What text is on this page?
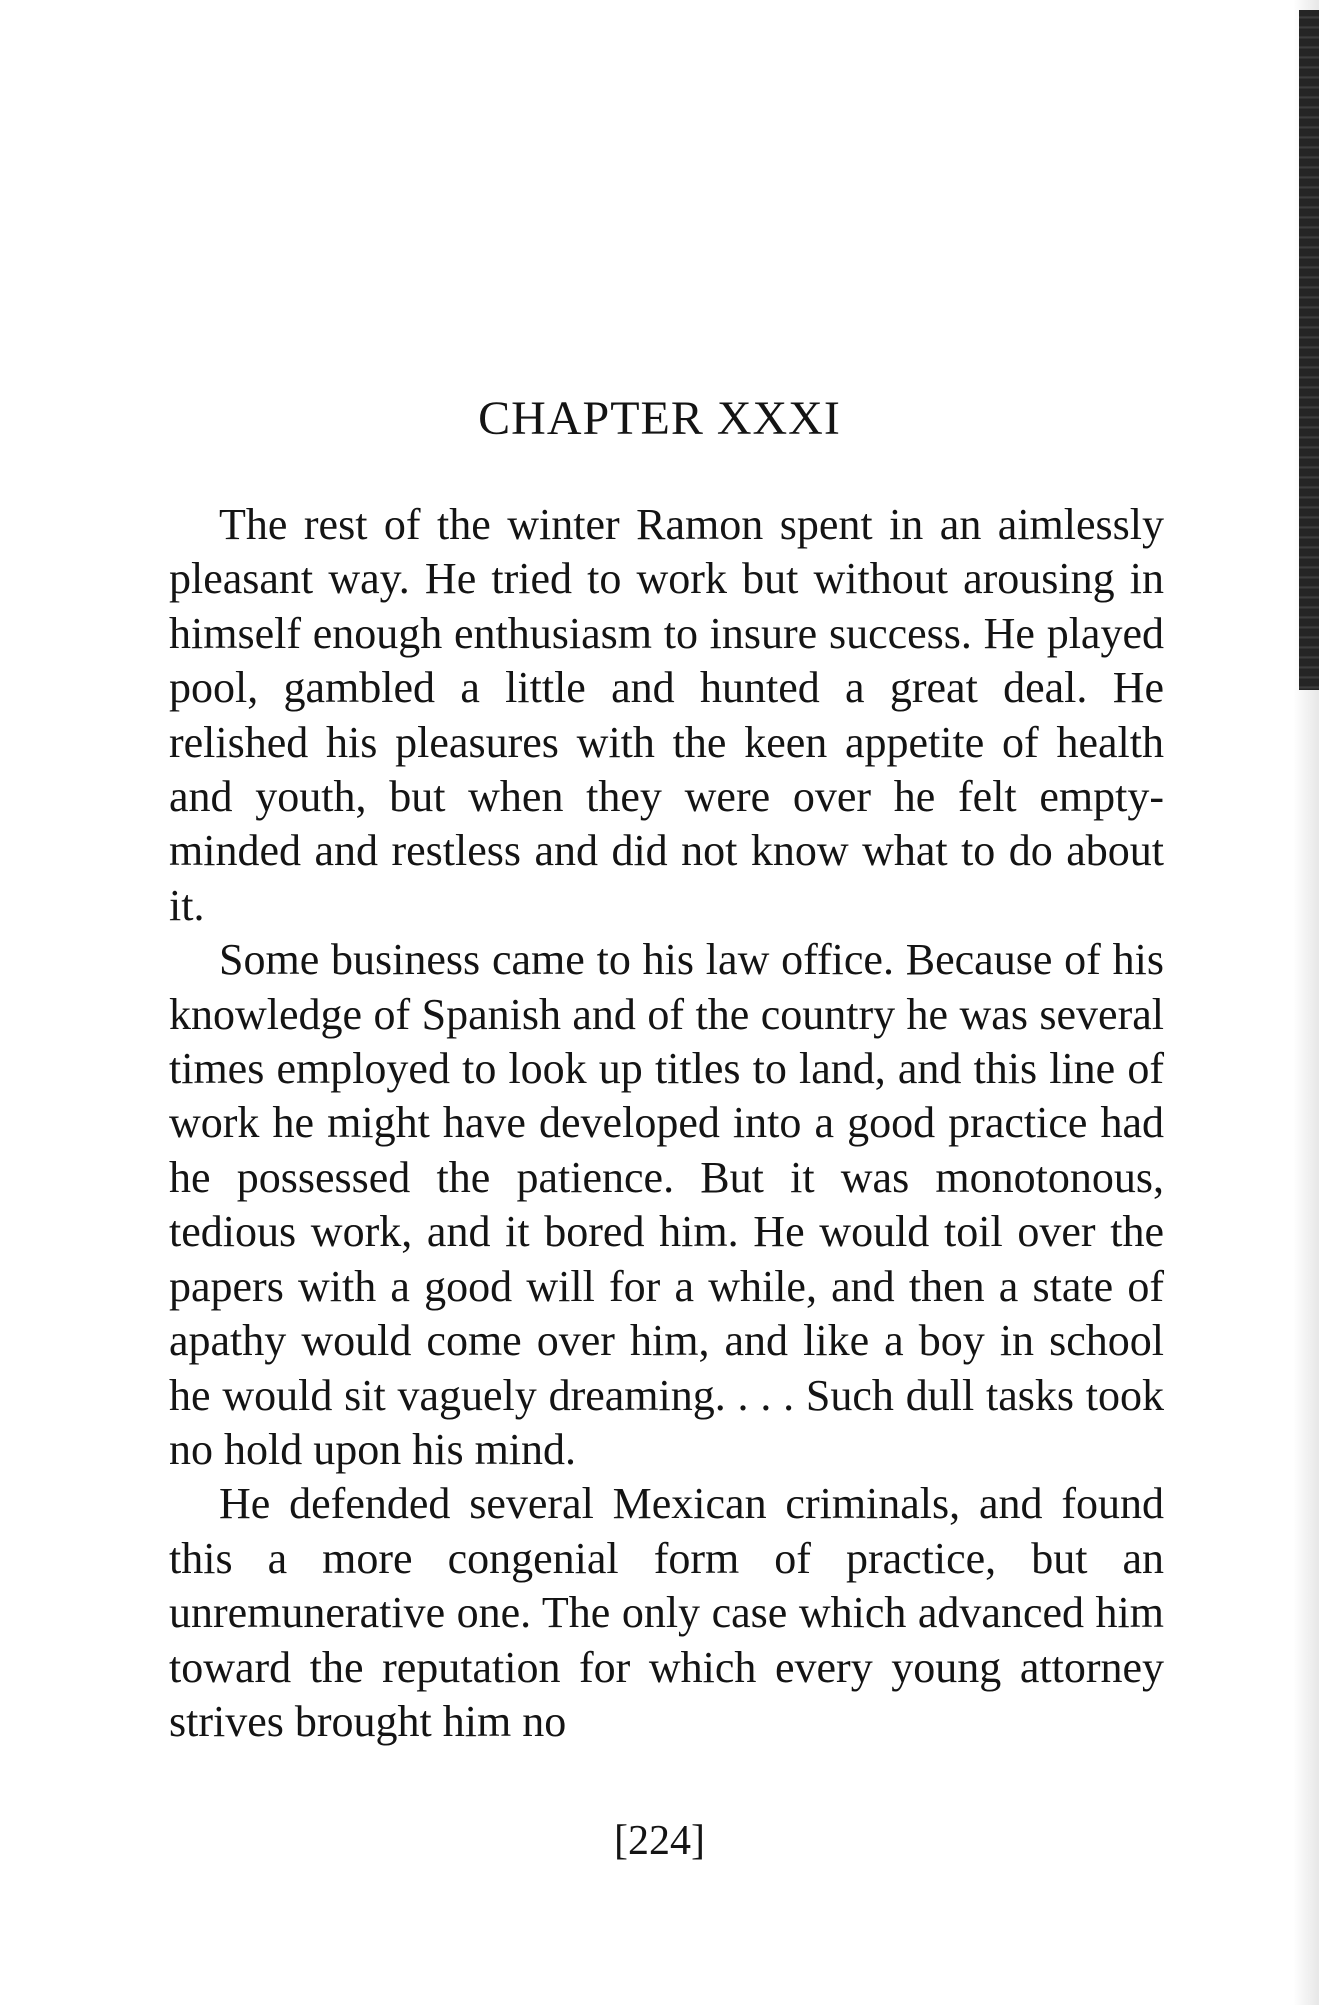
CHAPTER XXXI

The rest of the winter Ramon spent in an aimlessly pleasant way. He tried to work but without arousing in himself enough enthusiasm to insure success. He played pool, gambled a little and hunted a great deal. He relished his pleasures with the keen appetite of health and youth, but when they were over he felt empty-minded and restless and did not know what to do about it.

Some business came to his law office. Because of his knowledge of Spanish and of the country he was several times employed to look up titles to land, and this line of work he might have developed into a good practice had he possessed the patience. But it was monotonous, tedious work, and it bored him. He would toil over the papers with a good will for a while, and then a state of apathy would come over him, and like a boy in school he would sit vaguely dreaming. . . . Such dull tasks took no hold upon his mind.

He defended several Mexican criminals, and found this a more congenial form of practice, but an unremunerative one. The only case which advanced him toward the reputation for which every young attorney strives brought him no

[224]
